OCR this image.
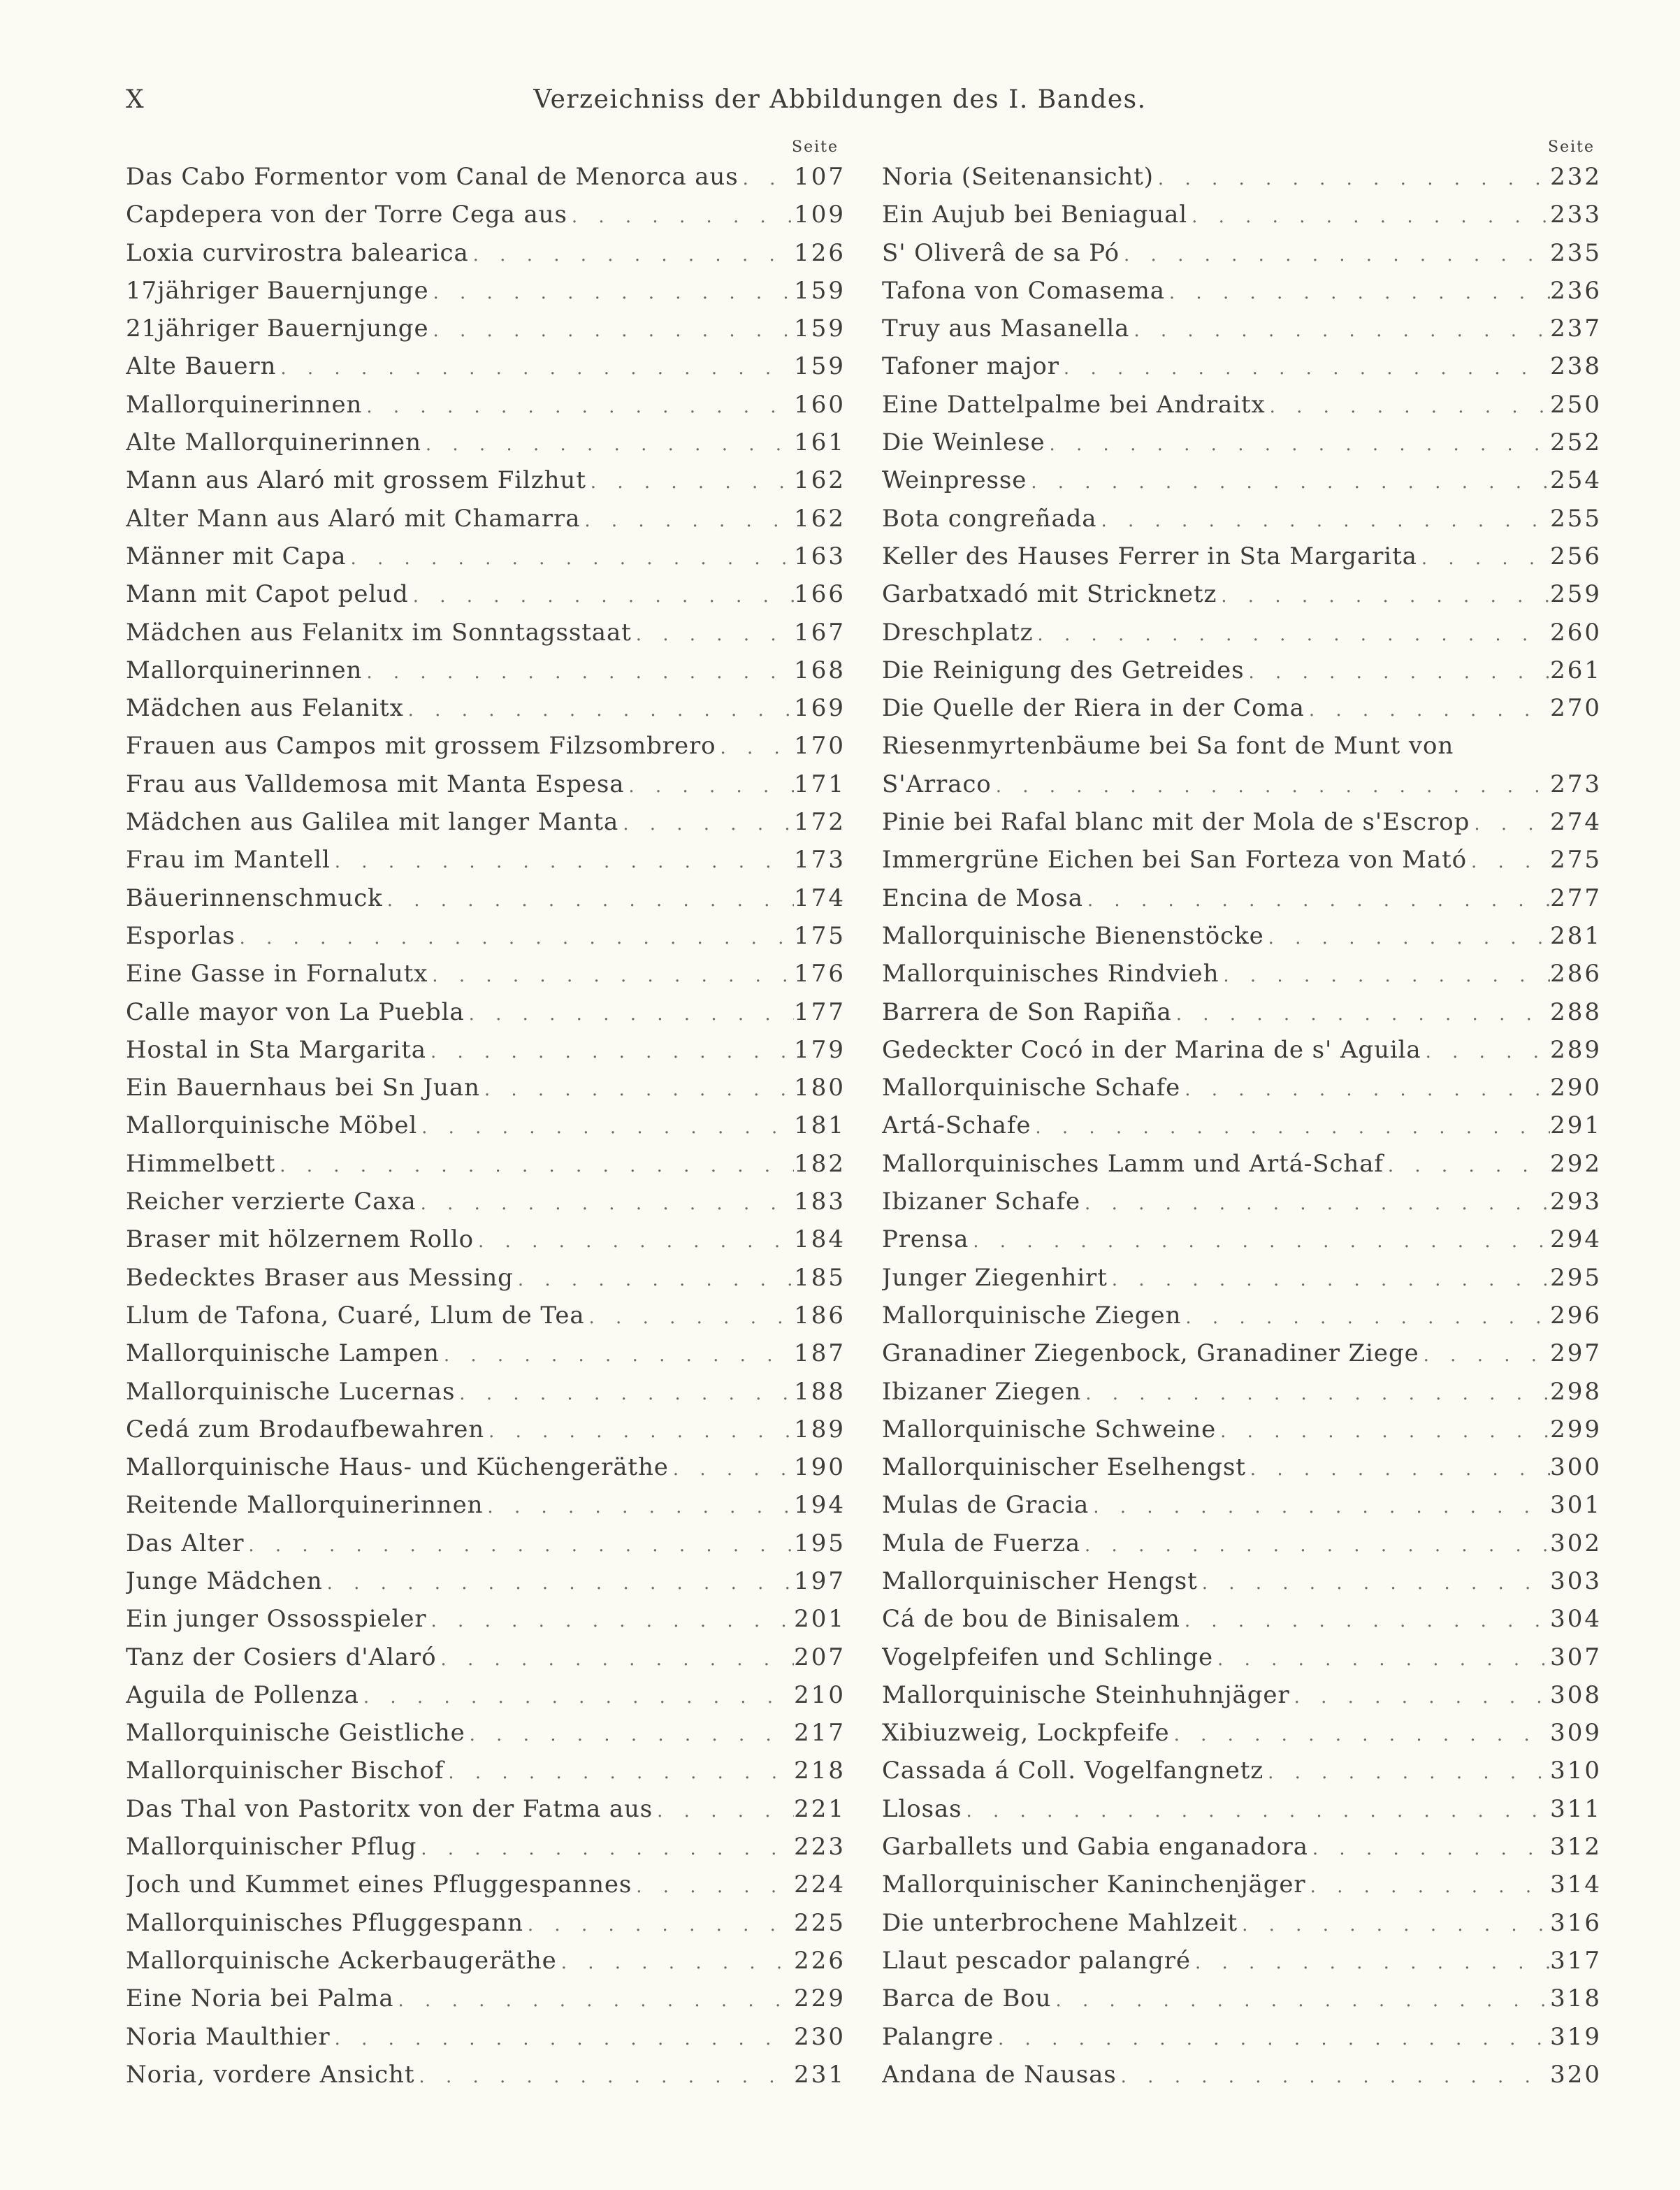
X	Verzeichniss der Abbildungen des I. Bandes.
Seite
Das Cabo Formentor vom Canal de Menorca aus . . . 107
Capdepera von der Torre Cega aus . . .	109
Loxia curvirostra balearica . . .	126
17jähriger Bauernjunge . . .	159
21jähriger Bauernjunge . . .	159
Alte Bauern . . .	159
Mallorquinerinnen . . .	160
Alte Mallorquinerinnen . . .	161
Mann aus Alaró mit grossem Filzhut . . .	162
Alter Mann aus Alaró mit Chamarra . . .	162
Männer mit Capa . . .	163
Mann mit Capot pelud . . .	166
Mädchen aus Felanitx im Sonntagsstaat . . .	167
Mallorquinerinnen . . .	168
Mädchen aus Felanitx . . .	169
Frauen aus Campos mit grossem Filzsombrero . . .	170
Frau aus Valldemosa mit Manta Espesa . . .	171
Mädchen aus Galilea mit langer Manta . . .	172
Frau im Mantell . . .	173
Bäuerinnenschmuck . . .	174
Esporlas . . .	175
Eine Gasse in Fornalutx . . .	176
Calle mayor von La Puebla . . .	177
Hostal in Sta Margarita . . .	179
Ein Bauernhaus bei Sn Juan . . .	180
Mallorquinische Möbel . . .	181
Himmelbett . . .	182
Reicher verzierte Caxa . . .	183
Braser mit hölzernem Rollo . . .	184
Bedecktes Braser aus Messing . . .	185
Llum de Tafona, Cuaré, Llum de Tea . . .	186
Mallorquinische Lampen . . .	187
Mallorquinische Lucernas . . .	188
Cedá zum Brodaufbewahren . . .	189
Mallorquinische Haus- und Küchengeräthe . . .	190
Reitende Mallorquinerinnen . . .	194
Das Alter . . .	195
Junge Mädchen . . .	197
Ein junger Ossosspieler . . .	201
Tanz der Cosiers d'Alaró . . .	207
Aguila de Pollenza . . .	210
Mallorquinische Geistliche . . .	217
Mallorquinischer Bischof . . .	218
Das Thal von Pastoritx von der Fatma aus . . .	221
Mallorquinischer Pflug . . .	223
Joch und Kummet eines Pfluggespannes . . .	224
Mallorquinisches Pfluggespann . . .	225
Mallorquinische Ackerbaugeräthe . . .	226
Eine Noria bei Palma . . .	229
Noria Maulthier . . .	230
Noria, vordere Ansicht . . .	231
Seite
Noria (Seitenansicht) . . .	232
Ein Aujub bei Beniagual . . .	233
S' Oliverâ de sa Pó . . .	235
Tafona von Comasema . . .	236
Truy aus Masanella . . .	237
Tafoner major . . .	238
Eine Dattelpalme bei Andraitx . . .	250
Die Weinlese . . .	252
Weinpresse . . .	254
Bota congreñada . . .	255
Keller des Hauses Ferrer in Sta Margarita . . .	256
Garbatxadó mit Stricknetz . . .	259
Dreschplatz . . .	260
Die Reinigung des Getreides . . .	261
Die Quelle der Riera in der Coma . . .	270
Riesenmyrtenbäume bei Sa font de Munt von
S'Arraco . . .	273
Pinie bei Rafal blanc mit der Mola de s'Escrop . . .	274
Immergrüne Eichen bei San Forteza von Mató . . .	275
Encina de Mosa . . .	277
Mallorquinische Bienenstöcke . . .	281
Mallorquinisches Rindvieh . . .	286
Barrera de Son Rapiña . . .	288
Gedeckter Cocó in der Marina de s' Aguila . . .	289
Mallorquinische Schafe . . .	290
Artá-Schafe . . .	291
Mallorquinisches Lamm und Artá-Schaf . . .	292
Ibizaner Schafe . . .	293
Prensa . . .	294
Junger Ziegenhirt . . .	295
Mallorquinische Ziegen . . .	296
Granadiner Ziegenbock, Granadiner Ziege . . .	297
Ibizaner Ziegen . . .	298
Mallorquinische Schweine . . .	299
Mallorquinischer Eselhengst . . .	300
Mulas de Gracia . . .	301
Mula de Fuerza . . .	302
Mallorquinischer Hengst . . .	303
Cá de bou de Binisalem . . .	304
Vogelpfeifen und Schlinge . . .	307
Mallorquinische Steinhuhnjäger . . .	308
Xibiuzweig, Lockpfeife . . .	309
Cassada á Coll. Vogelfangnetz . . .	310
Llosas . . .	311
Garballets und Gabia enganadora . . .	312
Mallorquinischer Kaninchenjäger . . .	314
Die unterbrochene Mahlzeit . . .	316
Llaut pescador palangré . . .	317
Barca de Bou . . .	318
Palangre . . .	319
Andana de Nausas . . .	320
